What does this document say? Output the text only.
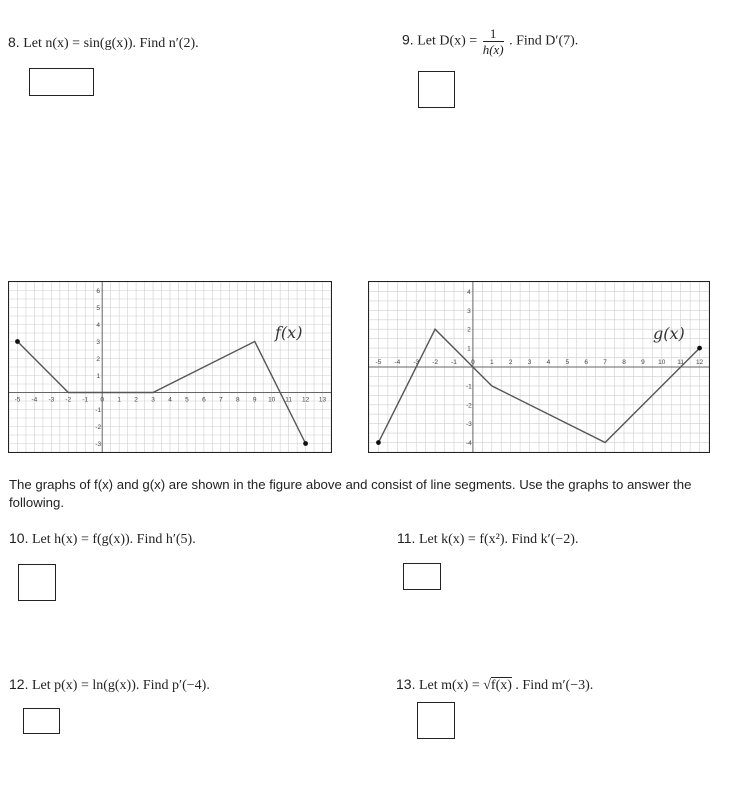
8. Let n(x) = sin(g(x)). Find n′(2).	9. Let $D(x) = \frac{1}{h(x)}$ . Find D′(7).
-5 -4 -3 -2 -1 0 1 2 3 4 5 6 7 8 9 10 11 12 13
6
5
4
3
2
1
-1
-2
-3
f(x)
-5 -4 -3 -2 -1 0 1 2 3 4 5 6 7 8 9 10 11 12
4
3
2
1
-1
-2
-3
-4
g(x)
The graphs of f(x) and g(x) are shown in the figure above and consist of line segments. Use the graphs to answer the following.
10. Let h(x) = f(g(x)). Find h′(5).	11. Let k(x) = f(x²). Find k′(−2).
12. Let p(x) = ln(g(x)). Find p′(−4).	13. Let m(x) = √f(x) . Find m′(−3).
